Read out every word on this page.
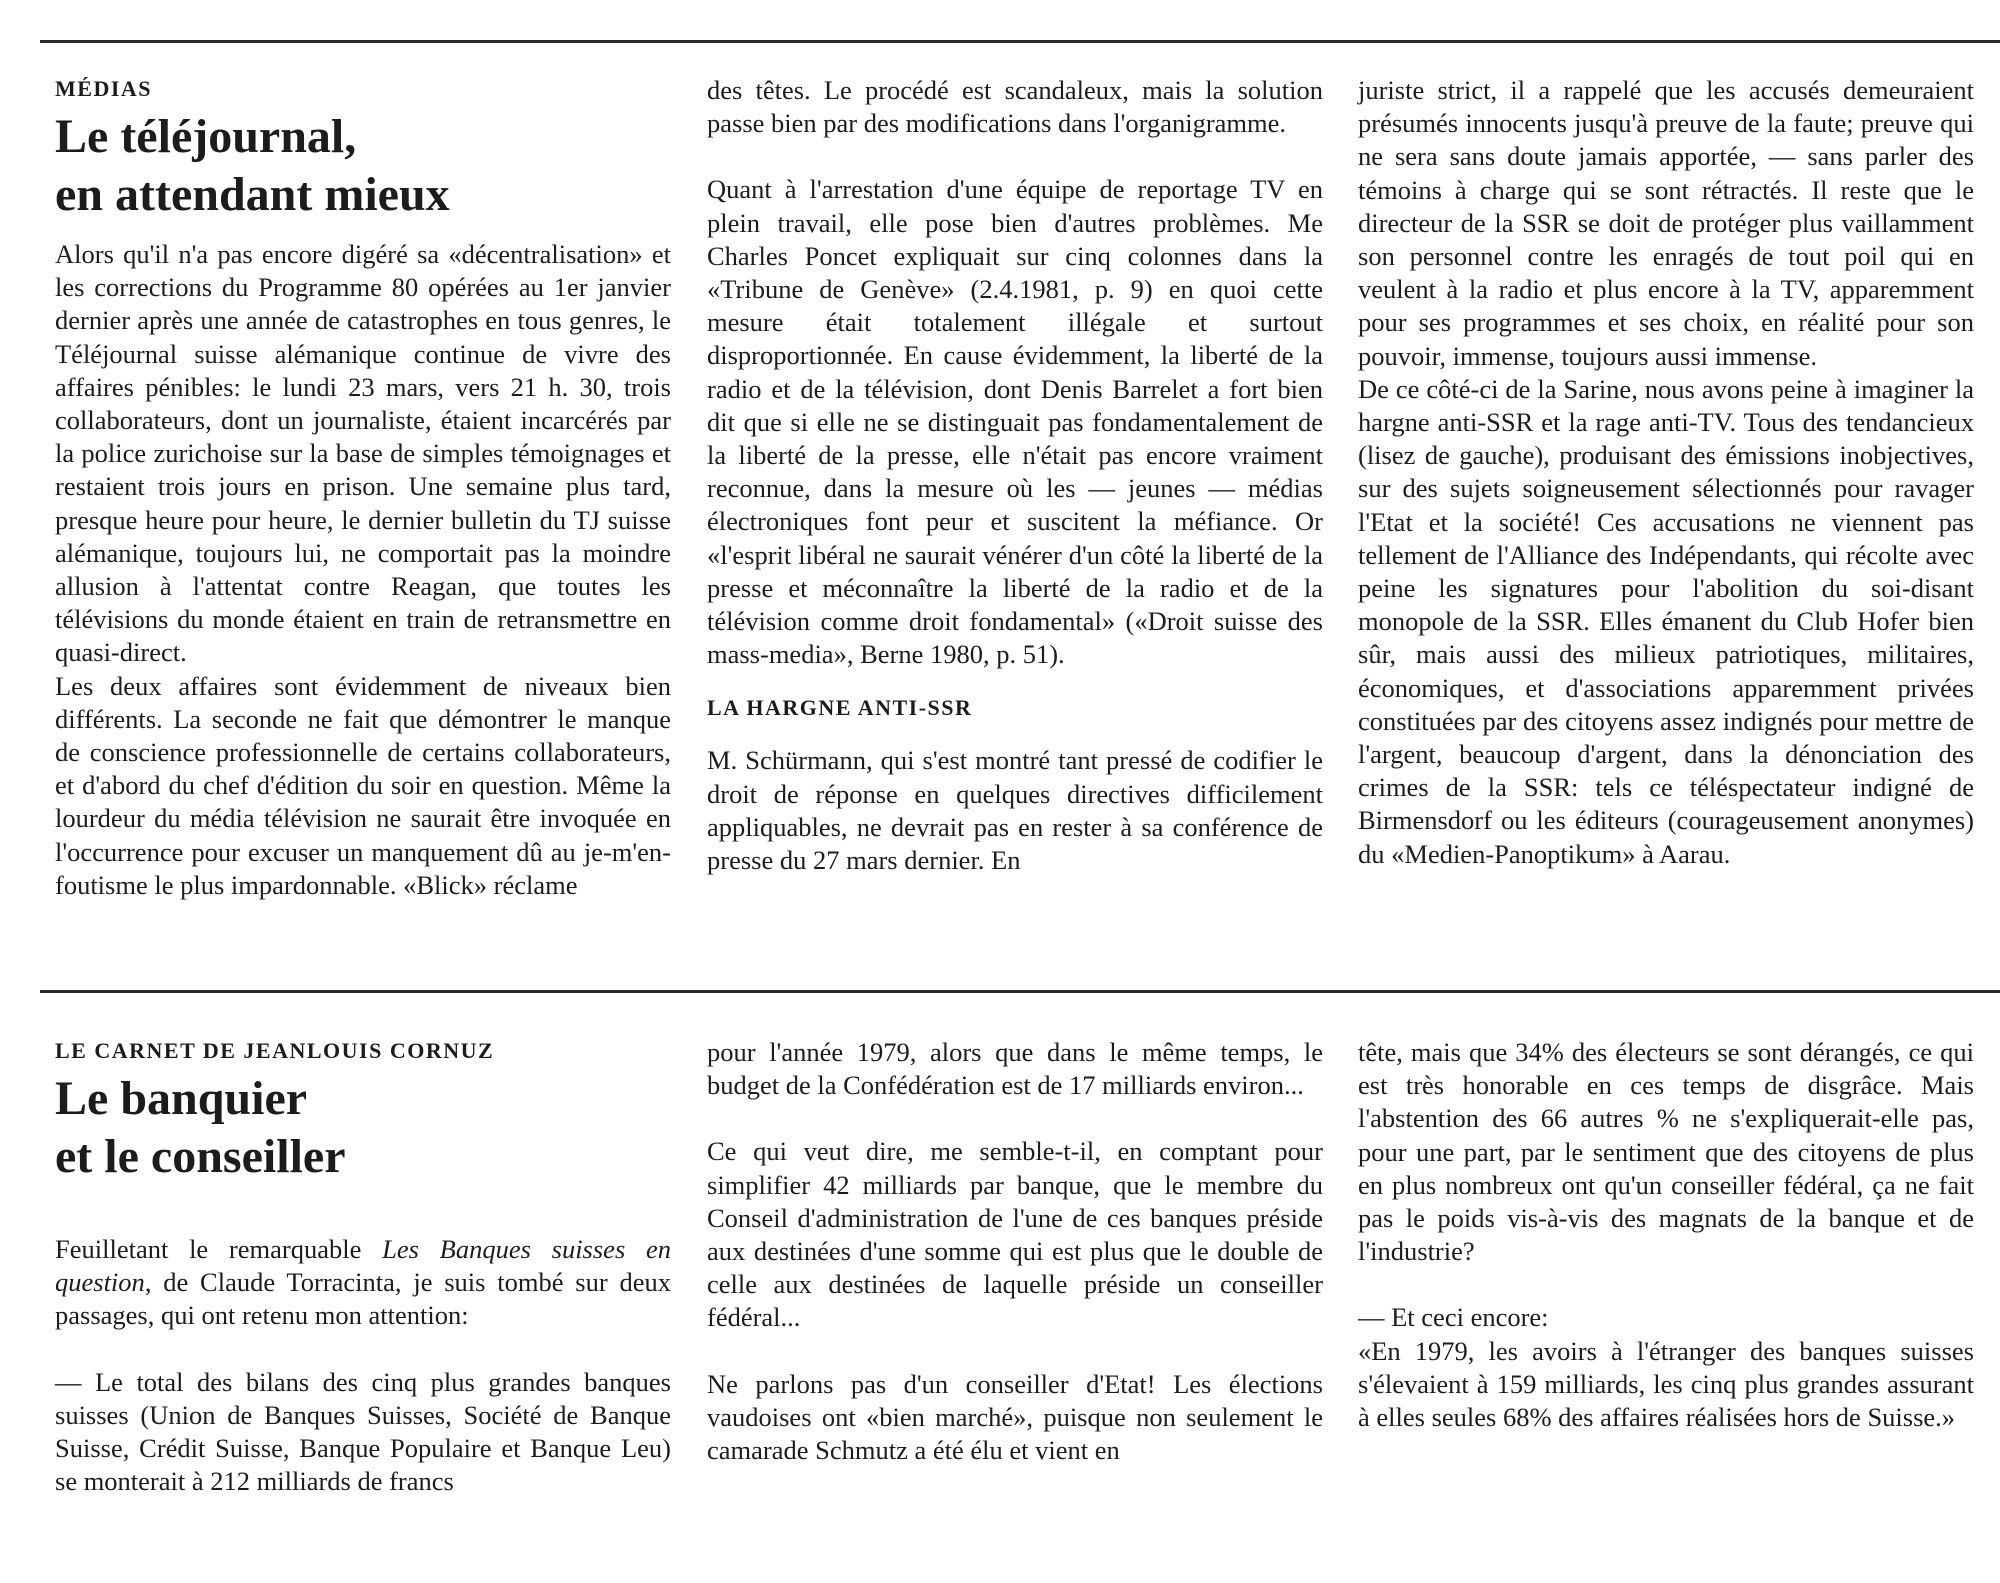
MÉDIAS
Le téléjournal,
en attendant mieux

Alors qu'il n'a pas encore digéré sa «décentralisation» et les corrections du Programme 80 opérées au 1er janvier dernier après une année de catastrophes en tous genres, le Téléjournal suisse alémanique continue de vivre des affaires pénibles: le lundi 23 mars, vers 21 h. 30, trois collaborateurs, dont un journaliste, étaient incarcérés par la police zurichoise sur la base de simples témoignages et restaient trois jours en prison. Une semaine plus tard, presque heure pour heure, le dernier bulletin du TJ suisse alémanique, toujours lui, ne comportait pas la moindre allusion à l'attentat contre Reagan, que toutes les télévisions du monde étaient en train de retransmettre en quasi-direct.

Les deux affaires sont évidemment de niveaux bien différents. La seconde ne fait que démontrer le manque de conscience professionnelle de certains collaborateurs, et d'abord du chef d'édition du soir en question. Même la lourdeur du média télévision ne saurait être invoquée en l'occurrence pour excuser un manquement dû au je-m'en-foutisme le plus impardonnable. «Blick» réclame

des têtes. Le procédé est scandaleux, mais la solution passe bien par des modifications dans l'organigramme.

Quant à l'arrestation d'une équipe de reportage TV en plein travail, elle pose bien d'autres problèmes. Me Charles Poncet expliquait sur cinq colonnes dans la «Tribune de Genève» (2.4.1981, p. 9) en quoi cette mesure était totalement illégale et surtout disproportionnée. En cause évidemment, la liberté de la radio et de la télévision, dont Denis Barrelet a fort bien dit que si elle ne se distinguait pas fondamentalement de la liberté de la presse, elle n'était pas encore vraiment reconnue, dans la mesure où les — jeunes — médias électroniques font peur et suscitent la méfiance. Or «l'esprit libéral ne saurait vénérer d'un côté la liberté de la presse et méconnaître la liberté de la radio et de la télévision comme droit fondamental» («Droit suisse des mass-media», Berne 1980, p. 51).

LA HARGNE ANTI-SSR

M. Schürmann, qui s'est montré tant pressé de codifier le droit de réponse en quelques directives difficilement appliquables, ne devrait pas en rester à sa conférence de presse du 27 mars dernier. En

juriste strict, il a rappelé que les accusés demeuraient présumés innocents jusqu'à preuve de la faute; preuve qui ne sera sans doute jamais apportée, — sans parler des témoins à charge qui se sont rétractés. Il reste que le directeur de la SSR se doit de protéger plus vaillamment son personnel contre les enragés de tout poil qui en veulent à la radio et plus encore à la TV, apparemment pour ses programmes et ses choix, en réalité pour son pouvoir, immense, toujours aussi immense.

De ce côté-ci de la Sarine, nous avons peine à imaginer la hargne anti-SSR et la rage anti-TV. Tous des tendancieux (lisez de gauche), produisant des émissions inobjectives, sur des sujets soigneusement sélectionnés pour ravager l'Etat et la société! Ces accusations ne viennent pas tellement de l'Alliance des Indépendants, qui récolte avec peine les signatures pour l'abolition du soi-disant monopole de la SSR. Elles émanent du Club Hofer bien sûr, mais aussi des milieux patriotiques, militaires, économiques, et d'associations apparemment privées constituées par des citoyens assez indignés pour mettre de l'argent, beaucoup d'argent, dans la dénonciation des crimes de la SSR: tels ce téléspectateur indigné de Birmensdorf ou les éditeurs (courageusement anonymes) du «Medien-Panoptikum» à Aarau.

LE CARNET DE JEANLOUIS CORNUZ
Le banquier
et le conseiller

Feuilletant le remarquable Les Banques suisses en question, de Claude Torracinta, je suis tombé sur deux passages, qui ont retenu mon attention:

— Le total des bilans des cinq plus grandes banques suisses (Union de Banques Suisses, Société de Banque Suisse, Crédit Suisse, Banque Populaire et Banque Leu) se monterait à 212 milliards de francs

pour l'année 1979, alors que dans le même temps, le budget de la Confédération est de 17 milliards environ...

Ce qui veut dire, me semble-t-il, en comptant pour simplifier 42 milliards par banque, que le membre du Conseil d'administration de l'une de ces banques préside aux destinées d'une somme qui est plus que le double de celle aux destinées de laquelle préside un conseiller fédéral...

Ne parlons pas d'un conseiller d'Etat! Les élections vaudoises ont «bien marché», puisque non seulement le camarade Schmutz a été élu et vient en

tête, mais que 34% des électeurs se sont dérangés, ce qui est très honorable en ces temps de disgrâce. Mais l'abstention des 66 autres % ne s'expliquerait-elle pas, pour une part, par le sentiment que des citoyens de plus en plus nombreux ont qu'un conseiller fédéral, ça ne fait pas le poids vis-à-vis des magnats de la banque et de l'industrie?

— Et ceci encore:

«En 1979, les avoirs à l'étranger des banques suisses s'élevaient à 159 milliards, les cinq plus grandes assurant à elles seules 68% des affaires réalisées hors de Suisse.»
